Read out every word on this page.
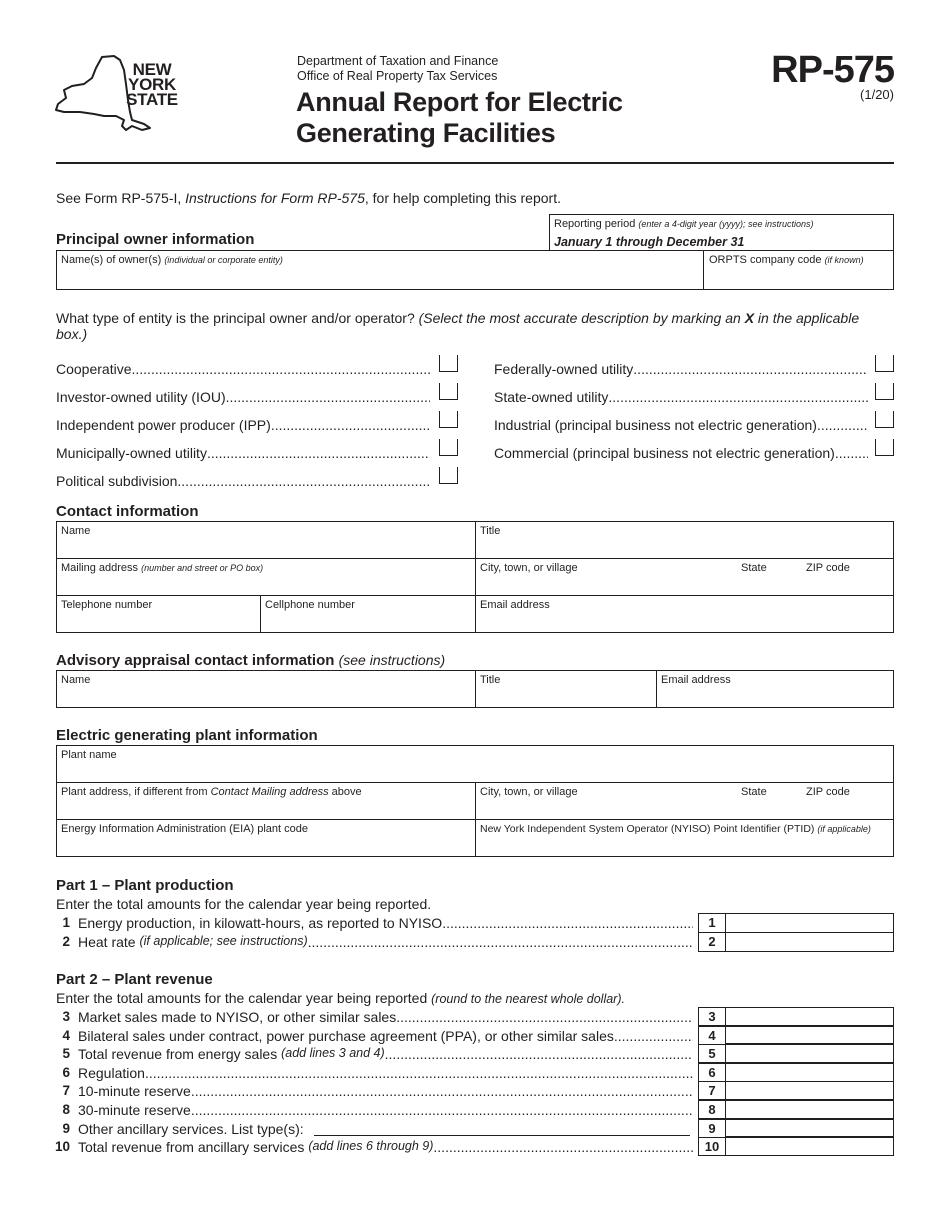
NEW
YORK
STATE
Department of Taxation and Finance
Office of Real Property Tax Services
Annual Report for Electric
Generating Facilities
RP-575
(1/20)
See Form RP-575-I, Instructions for Form RP-575, for help completing this report.
Principal owner information
Reporting period (enter a 4-digit year (yyyy); see instructions)
January 1 through December 31
Name(s) of owner(s) (individual or corporate entity)	ORPTS company code (if known)
What type of entity is the principal owner and/or operator? (Select the most accurate description by marking an X in the applicable box.)
Cooperative
.....
Investor-owned utility (IOU)
.....
Independent power producer (IPP)
.....
Municipally-owned utility
.....
Political subdivision
.....
Federally-owned utility
.....
State-owned utility
.....
Industrial (principal business not electric generation)
.....
Commercial (principal business not electric generation)
.....
Contact information
Name	Title
Mailing address (number and street or PO box)	City, town, or village	State	ZIP code
Telephone number	Cellphone number	Email address
Advisory appraisal contact information (see instructions)
Name	Title	Email address
Electric generating plant information
Plant name
Plant address, if different from Contact Mailing address above	City, town, or village	State	ZIP code
Energy Information Administration (EIA) plant code	New York Independent System Operator (NYISO) Point Identifier (PTID) (if applicable)
Part 1 – Plant production
Enter the total amounts for the calendar year being reported.
1 Energy production, in kilowatt-hours, as reported to NYISO .....	1
2 Heat rate
(if applicable; see instructions) .....	2
Part 2 – Plant revenue
Enter the total amounts for the calendar year being reported (round to the nearest whole dollar).
3 Market sales made to NYISO, or other similar sales .....	3
4 Bilateral sales under contract, power purchase agreement (PPA), or other similar sales .....	4
5 Total revenue from energy sales
(add lines 3 and 4) .....	5
6 Regulation .....	6
7 10-minute reserve .....	7
8 30-minute reserve .....	8
9 Other ancillary services. List type(s):	9
10 Total revenue from ancillary services
(add lines 6 through 9) .....	10
